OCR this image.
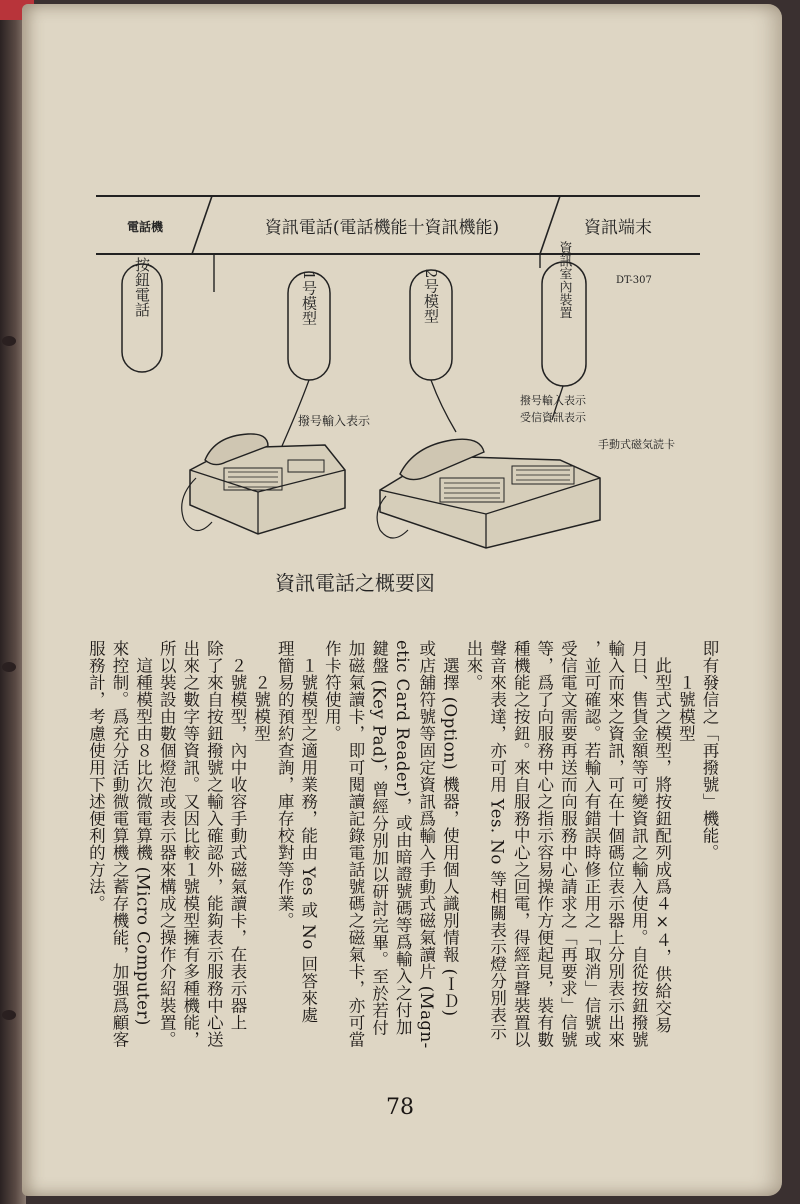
電話機	資訊電話(電話機能十資訊機能)	資訊端末
DT-307
按鈕電話	1号模型	2号模型	資訊室內裝置
撥号輸入表示
撥号輸入表示
受信資訊表示
手動式磁気読卡
資訊電話之概要図
即有發信之「再撥號」機能。
　　１號模型
　此型式之模型，將按鈕配列成爲４×４，供給交易
月日、售貨金額等可變資訊之輸入使用。自從按鈕撥號
輸入而來之資訊，可在十個碼位表示器上分別表示出來
，並可確認。若輸入有錯誤時修正用之「取消」信號或
受信電文需要再送而向服務中心請求之「再要求」信號
等，爲了向服務中心之指示容易操作方便起見，裝有數
種機能之按鈕。來自服務中心之回電，得經音聲裝置以
聲音來表達，亦可用 Yes. No 等相關表示燈分別表示
出來。
　選擇 (Option) 機器，使用個人識別情報 (ＩＤ)
或店舖符號等固定資訊爲輸入手動式磁氣讀片 (Magn-
etic Card Reader)，或由暗證號碼等爲輸入之付加
鍵盤 (Key Pad)，曾經分別加以研討完畢。至於若付
加磁氣讀卡，即可閱讀記錄電話號碼之磁氣卡，亦可當
作卡符使用。
　１號模型之適用業務，能由 Yes 或 No 回答來處
理簡易的預約查詢，庫存校對等作業。
　　２號模型
　２號模型，內中收容手動式磁氣讀卡，在表示器上
除了來自按鈕撥號之輸入確認外，能夠表示服務中心送
出來之數字等資訊。又因比較１號模型擁有多種機能，
所以裝設由數個燈泡或表示器來構成之操作介紹裝置。
　這種模型由８比次微電算機 (Micro Computer)
來控制。爲充分活動微電算機之蓄存機能，加强爲顧客
服務計，考慮使用下述便利的方法。
78
